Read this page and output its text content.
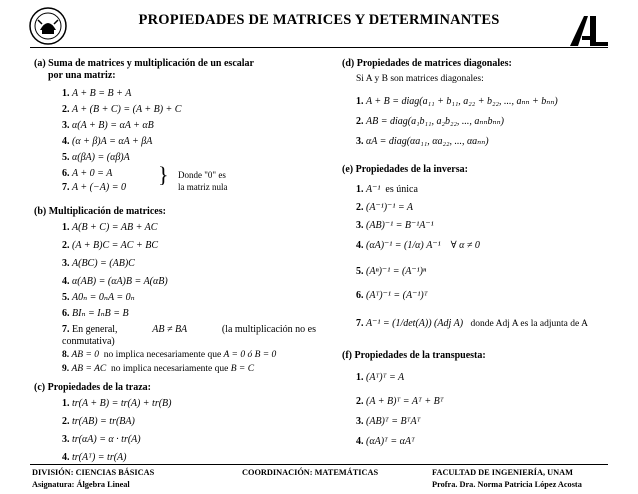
PROPIEDADES DE MATRICES Y DETERMINANTES
(a) Suma de matrices y multiplicación de un escalar
por una matriz:
1. A + B = B + A
2. A + (B + C) = (A + B) + C
3. α(A + B) = αA + αB
4. (α + β)A = αA + βA
5. α(βA) = (αβ)A
6. A + 0 = A
7. A + (−A) = 0
} Donde "0" es
la matriz nula
(b) Multiplicación de matrices:
1. A(B + C) = AB + AC
2. (A + B)C = AC + BC
3. A(BC) = (AB)C
4. α(AB) = (αA)B = A(αB)
5. A0ₙ = 0ₙA = 0ₙ
6. BIₙ = IₙB = B
7. En general,	AB ≠ BA	(la multiplicación no es
conmutativa)
8. AB = 0 no implica necesariamente que A = 0 ó B = 0
9. AB = AC no implica necesariamente que B = C
(c) Propiedades de la traza:
1. tr(A + B) = tr(A) + tr(B)
2. tr(AB) = tr(BA)
3. tr(αA) = α · tr(A)
4. tr(Aᵀ) = tr(A)
(d) Propiedades de matrices diagonales:
Si A y B son matrices diagonales:
1. A + B = diag(a₁₁ + b₁₁, a₂₂ + b₂₂, ..., aₙₙ + bₙₙ)
2. AB = diag(a₁b₁₁, a₂b₂₂, ..., aₙₙbₙₙ)
3. αA = diag(αa₁₁, αa₂₂, ..., αaₙₙ)
(e) Propiedades de la inversa:
1. A⁻¹ es única
2. (A⁻¹)⁻¹ = A
3. (AB)⁻¹ = B⁻¹A⁻¹
4. (αA)⁻¹ = (1/α) A⁻¹ ∀ α ≠ 0
5. (Aⁿ)⁻¹ = (A⁻¹)ⁿ
6. (Aᵀ)⁻¹ = (A⁻¹)ᵀ
7. A⁻¹ = (1/det(A)) (Adj A) donde Adj A es la adjunta de A
(f) Propiedades de la transpuesta:
1. (Aᵀ)ᵀ = A
2. (A + B)ᵀ = Aᵀ + Bᵀ
3. (AB)ᵀ = BᵀAᵀ
4. (αA)ᵀ = αAᵀ
DIVISIÓN: CIENCIAS BÁSICAS
Asignatura: Álgebra Lineal
COORDINACIÓN: MATEMÁTICAS	FACULTAD DE INGENIERÍA, UNAM
Profra. Dra. Norma Patricia López Acosta
